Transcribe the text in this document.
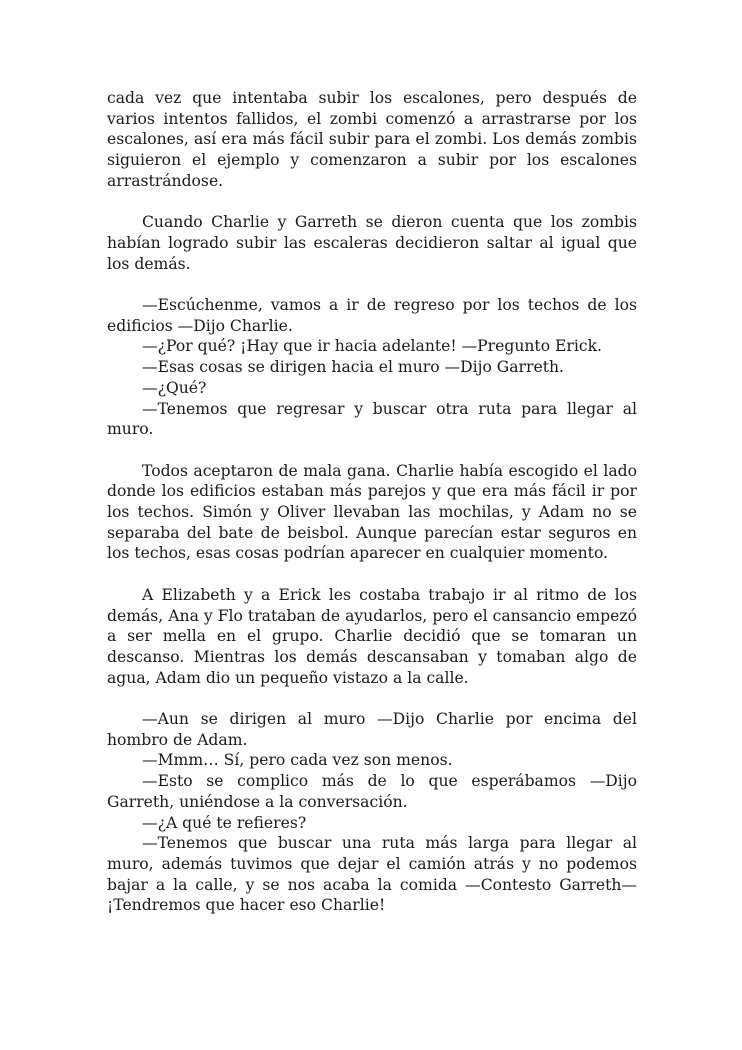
cada vez que intentaba subir los escalones, pero después de varios intentos fallidos, el zombi comenzó a arrastrarse por los escalones, así era más fácil subir para el zombi. Los demás zombis siguieron el ejemplo y comenzaron a subir por los escalones arrastrándose.

Cuando Charlie y Garreth se dieron cuenta que los zombis habían logrado subir las escaleras decidieron saltar al igual que los demás.

—Escúchenme, vamos a ir de regreso por los techos de los edificios —Dijo Charlie.

—¿Por qué? ¡Hay que ir hacia adelante! —Pregunto Erick.

—Esas cosas se dirigen hacia el muro —Dijo Garreth.

—¿Qué?

—Tenemos que regresar y buscar otra ruta para llegar al muro.

Todos aceptaron de mala gana. Charlie había escogido el lado donde los edificios estaban más parejos y que era más fácil ir por los techos. Simón y Oliver llevaban las mochilas, y Adam no se separaba del bate de beisbol. Aunque parecían estar seguros en los techos, esas cosas podrían aparecer en cualquier momento.

A Elizabeth y a Erick les costaba trabajo ir al ritmo de los demás, Ana y Flo trataban de ayudarlos, pero el cansancio empezó a ser mella en el grupo. Charlie decidió que se tomaran un descanso. Mientras los demás descansaban y tomaban algo de agua, Adam dio un pequeño vistazo a la calle.

—Aun se dirigen al muro —Dijo Charlie por encima del hombro de Adam.

—Mmm… Sí, pero cada vez son menos.

—Esto se complico más de lo que esperábamos —Dijo Garreth, uniéndose a la conversación.

—¿A qué te refieres?

—Tenemos que buscar una ruta más larga para llegar al muro, además tuvimos que dejar el camión atrás y no podemos bajar a la calle, y se nos acaba la comida —Contesto Garreth— ¡Tendremos que hacer eso Charlie!
